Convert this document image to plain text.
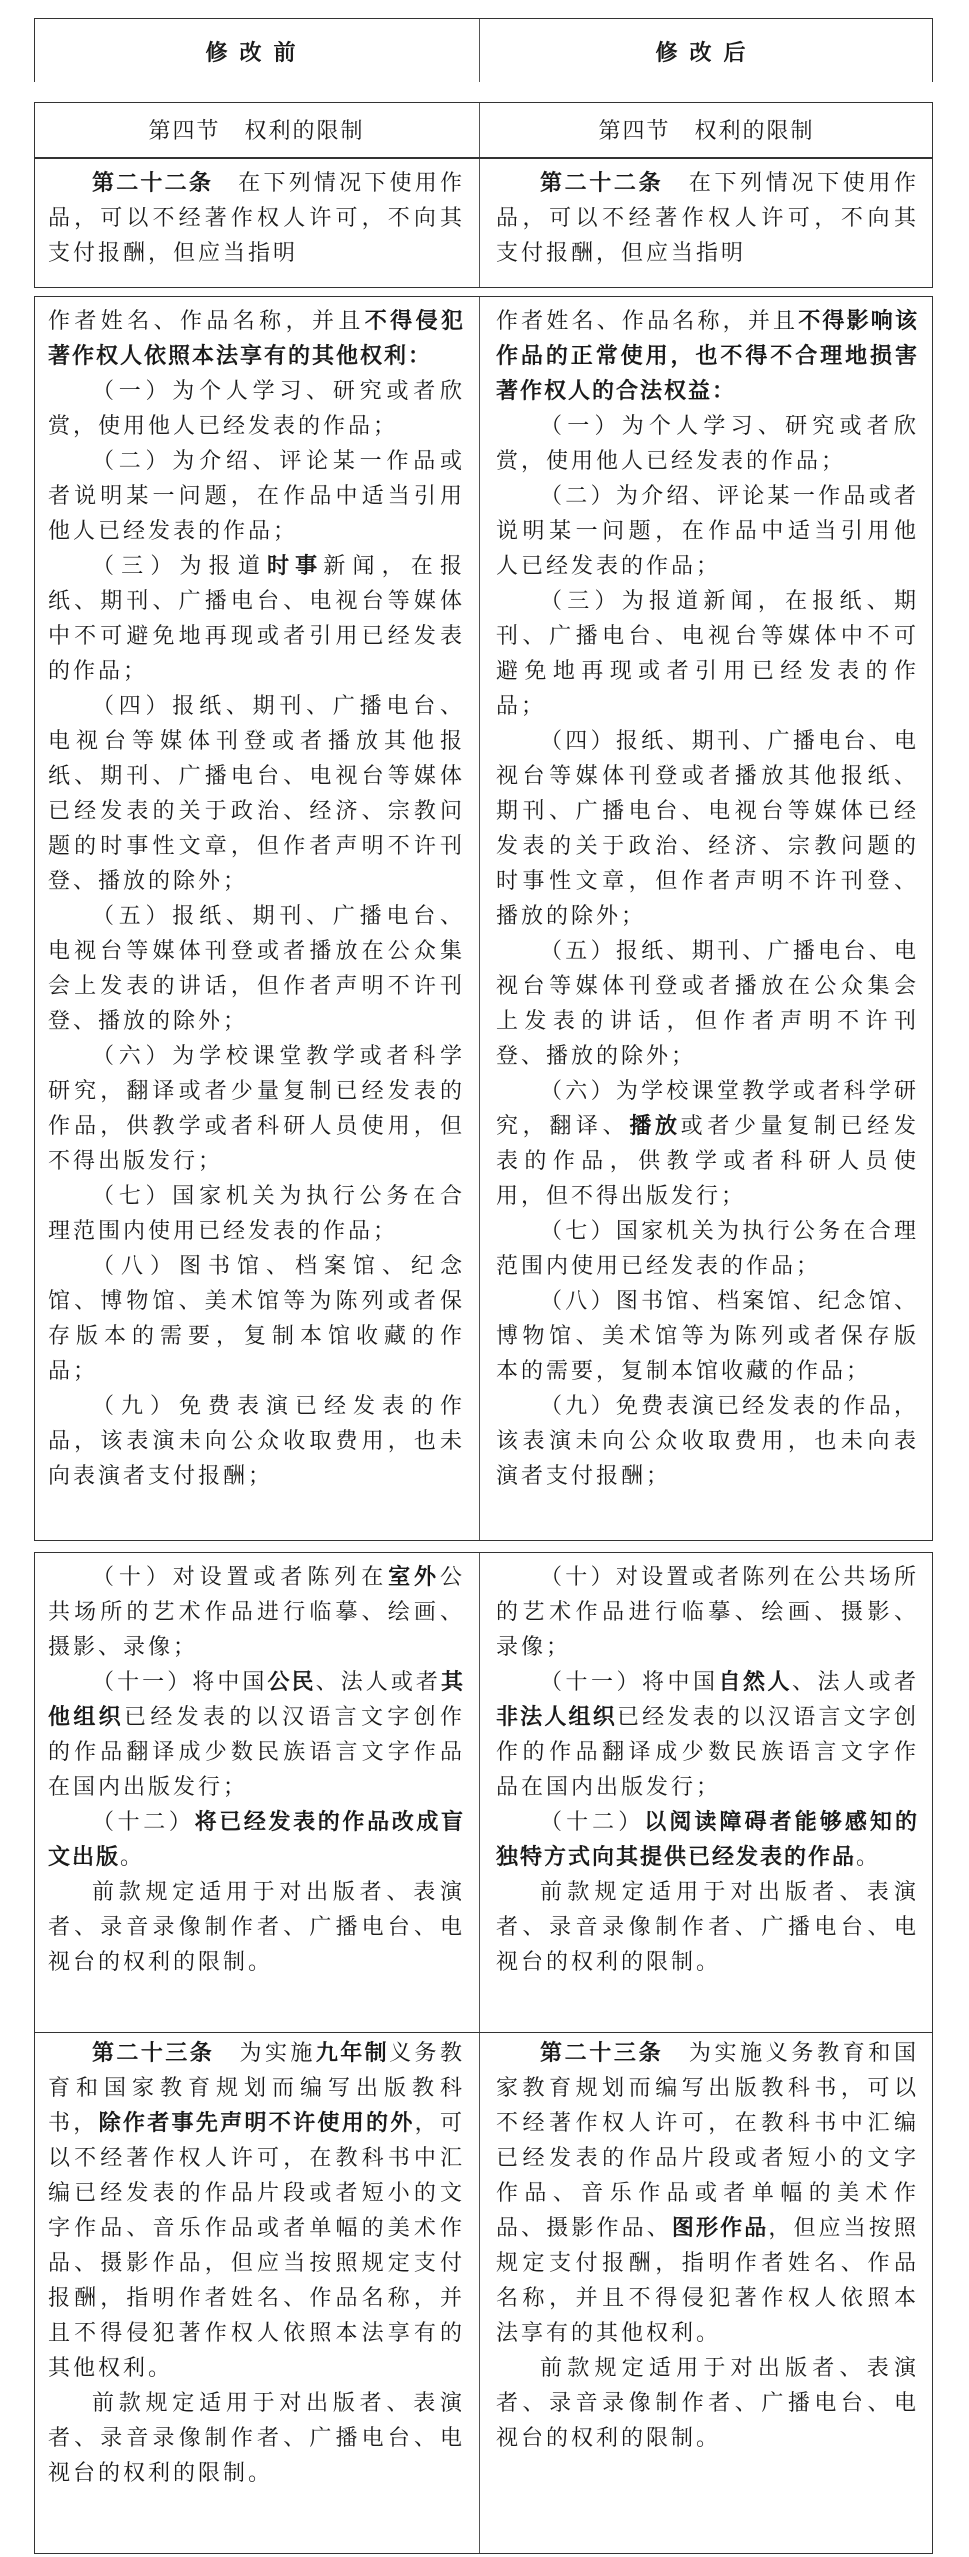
修改前	修改后
第四节　权利的限制	第四节　权利的限制

第二十二条　在下列情况下使用作品，可以不经著作权人许可，不向其支付报酬，但应当指明

第二十二条　在下列情况下使用作品，可以不经著作权人许可，不向其支付报酬，但应当指明

作者姓名、作品名称，并且不得侵犯著作权人依照本法享有的其他权利：

（一）为个人学习、研究或者欣赏，使用他人已经发表的作品；

（二）为介绍、评论某一作品或者说明某一问题，在作品中适当引用他人已经发表的作品；

（三）为报道时事新闻，在报纸、期刊、广播电台、电视台等媒体中不可避免地再现或者引用已经发表的作品；

（四）报纸、期刊、广播电台、电视台等媒体刊登或者播放其他报纸、期刊、广播电台、电视台等媒体已经发表的关于政治、经济、宗教问题的时事性文章，但作者声明不许刊登、播放的除外；

（五）报纸、期刊、广播电台、电视台等媒体刊登或者播放在公众集会上发表的讲话，但作者声明不许刊登、播放的除外；

（六）为学校课堂教学或者科学研究，翻译或者少量复制已经发表的作品，供教学或者科研人员使用，但不得出版发行；

（七）国家机关为执行公务在合理范围内使用已经发表的作品；

（八）图书馆、档案馆、纪念馆、博物馆、美术馆等为陈列或者保存版本的需要，复制本馆收藏的作品；

（九）免费表演已经发表的作品，该表演未向公众收取费用，也未向表演者支付报酬；

作者姓名、作品名称，并且不得影响该作品的正常使用，也不得不合理地损害著作权人的合法权益：

（一）为个人学习、研究或者欣赏，使用他人已经发表的作品；

（二）为介绍、评论某一作品或者说明某一问题，在作品中适当引用他人已经发表的作品；

（三）为报道新闻，在报纸、期刊、广播电台、电视台等媒体中不可避免地再现或者引用已经发表的作品；

（四）报纸、期刊、广播电台、电视台等媒体刊登或者播放其他报纸、期刊、广播电台、电视台等媒体已经发表的关于政治、经济、宗教问题的时事性文章，但作者声明不许刊登、播放的除外；

（五）报纸、期刊、广播电台、电视台等媒体刊登或者播放在公众集会上发表的讲话，但作者声明不许刊登、播放的除外；

（六）为学校课堂教学或者科学研究，翻译、播放或者少量复制已经发表的作品，供教学或者科研人员使用，但不得出版发行；

（七）国家机关为执行公务在合理范围内使用已经发表的作品；

（八）图书馆、档案馆、纪念馆、博物馆、美术馆等为陈列或者保存版本的需要，复制本馆收藏的作品；

（九）免费表演已经发表的作品，该表演未向公众收取费用，也未向表演者支付报酬；

（十）对设置或者陈列在室外公共场所的艺术作品进行临摹、绘画、摄影、录像；

（十一）将中国公民、法人或者其他组织已经发表的以汉语言文字创作的作品翻译成少数民族语言文字作品在国内出版发行；

（十二）将已经发表的作品改成盲文出版。

前款规定适用于对出版者、表演者、录音录像制作者、广播电台、电视台的权利的限制。

（十）对设置或者陈列在公共场所的艺术作品进行临摹、绘画、摄影、录像；

（十一）将中国自然人、法人或者非法人组织已经发表的以汉语言文字创作的作品翻译成少数民族语言文字作品在国内出版发行；

（十二）以阅读障碍者能够感知的独特方式向其提供已经发表的作品。

前款规定适用于对出版者、表演者、录音录像制作者、广播电台、电视台的权利的限制。

第二十三条　为实施九年制义务教育和国家教育规划而编写出版教科书，除作者事先声明不许使用的外，可以不经著作权人许可，在教科书中汇编已经发表的作品片段或者短小的文字作品、音乐作品或者单幅的美术作品、摄影作品，但应当按照规定支付报酬，指明作者姓名、作品名称，并且不得侵犯著作权人依照本法享有的其他权利。

前款规定适用于对出版者、表演者、录音录像制作者、广播电台、电视台的权利的限制。

第二十三条　为实施义务教育和国家教育规划而编写出版教科书，可以不经著作权人许可，在教科书中汇编已经发表的作品片段或者短小的文字作品、音乐作品或者单幅的美术作品、摄影作品、图形作品，但应当按照规定支付报酬，指明作者姓名、作品名称，并且不得侵犯著作权人依照本法享有的其他权利。

前款规定适用于对出版者、表演者、录音录像制作者、广播电台、电视台的权利的限制。
